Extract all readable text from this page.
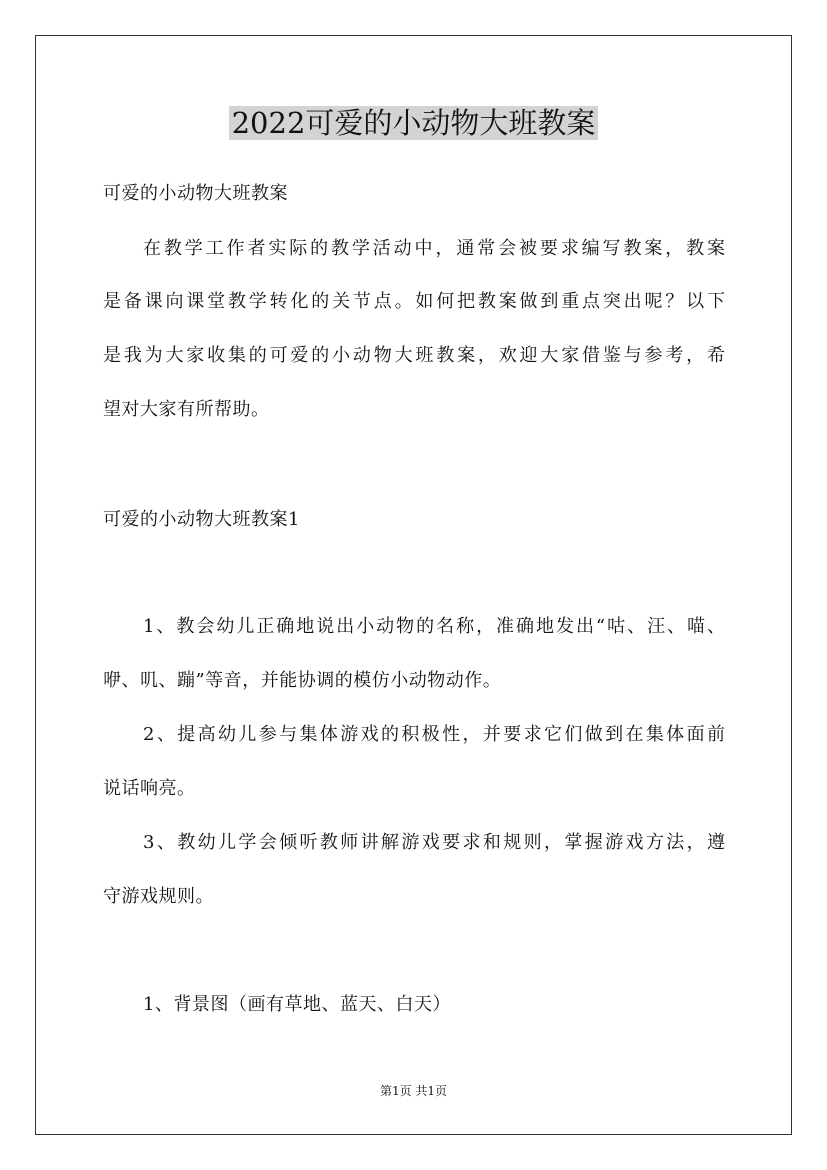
2022可爱的小动物大班教案
可爱的小动物大班教案
在教学工作者实际的教学活动中，通常会被要求编写教案，教案
是备课向课堂教学转化的关节点。如何把教案做到重点突出呢？以下
是我为大家收集的可爱的小动物大班教案，欢迎大家借鉴与参考，希
望对大家有所帮助。
可爱的小动物大班教案1
1、教会幼儿正确地说出小动物的名称，准确地发出“咕、汪、喵、
咿、叽、蹦”等音，并能协调的模仿小动物动作。
2、提高幼儿参与集体游戏的积极性，并要求它们做到在集体面前
说话响亮。
3、教幼儿学会倾听教师讲解游戏要求和规则，掌握游戏方法，遵
守游戏规则。
1、背景图（画有草地、蓝天、白天）
第1页 共1页
